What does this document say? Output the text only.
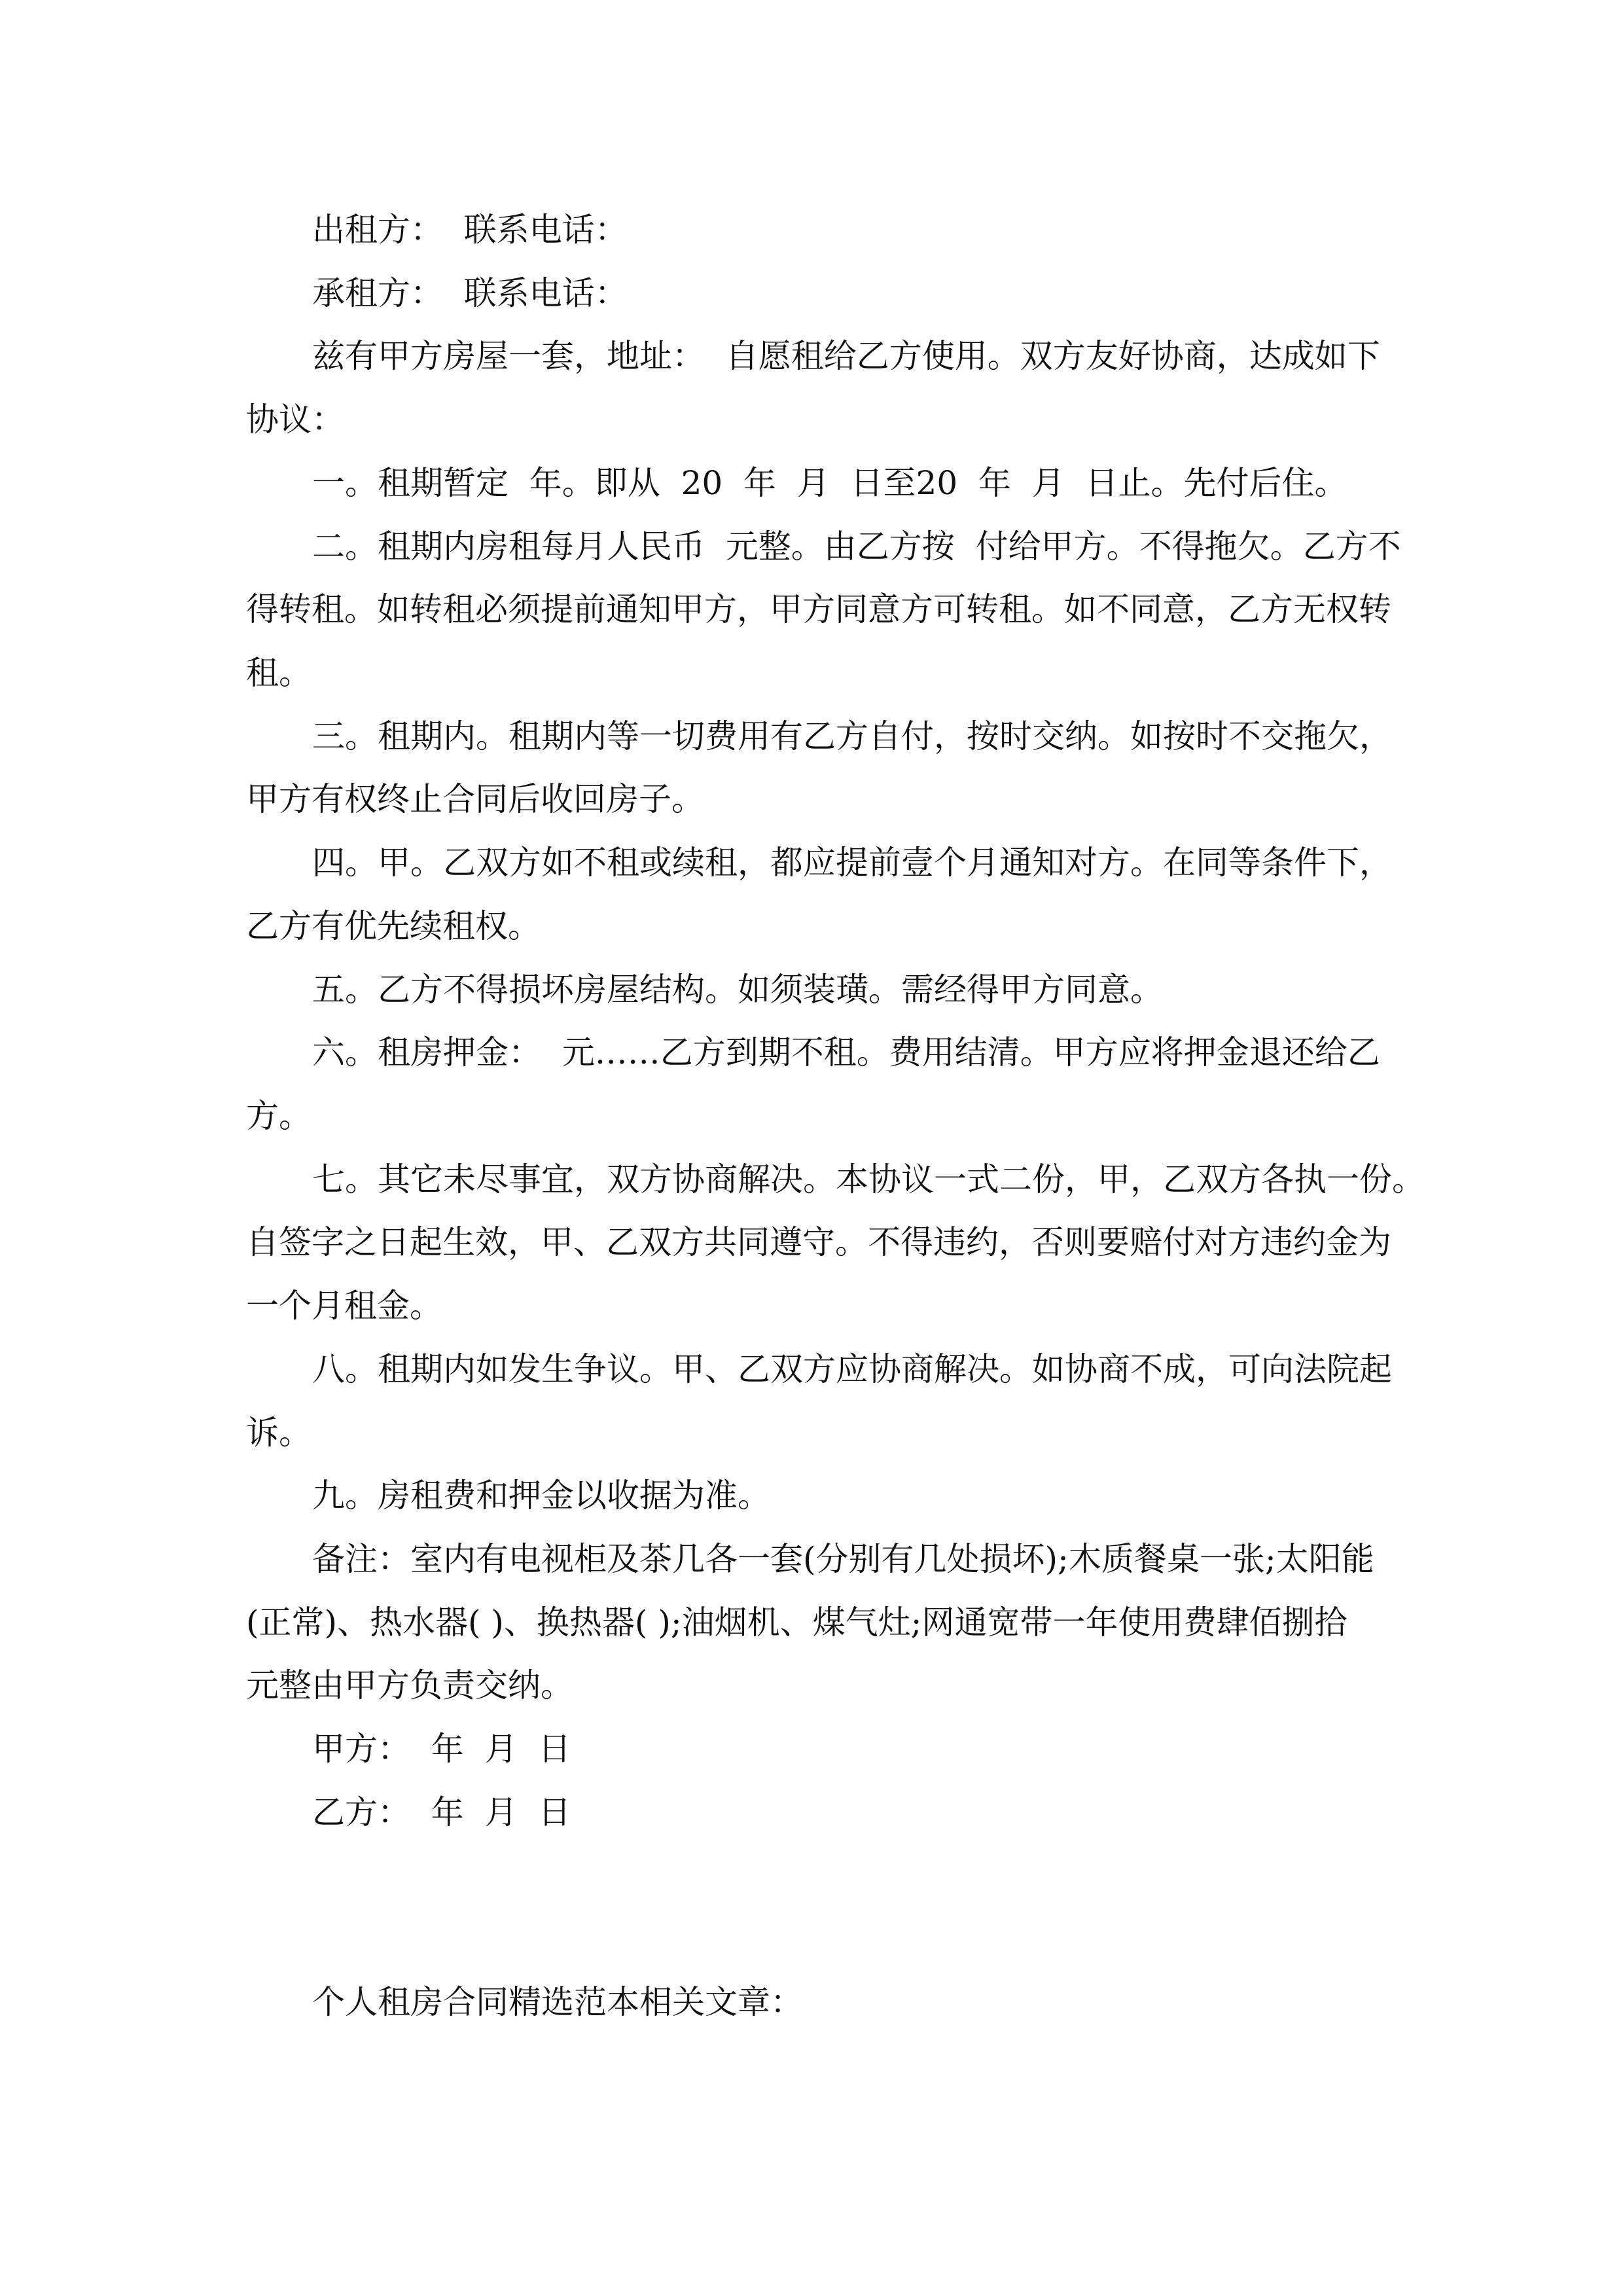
出租方：  联系电话：
承租方：  联系电话：
兹有甲方房屋一套，地址：  自愿租给乙方使用。双方友好协商，达成如下
协议：
一。租期暂定  年。即从  20  年  月  日至20  年  月  日止。先付后住。
二。租期内房租每月人民币  元整。由乙方按  付给甲方。不得拖欠。乙方不
得转租。如转租必须提前通知甲方，甲方同意方可转租。如不同意，乙方无权转
租。
三。租期内。租期内等一切费用有乙方自付，按时交纳。如按时不交拖欠，
甲方有权终止合同后收回房子。
四。甲。乙双方如不租或续租，都应提前壹个月通知对方。在同等条件下，
乙方有优先续租权。
五。乙方不得损坏房屋结构。如须装璜。需经得甲方同意。
六。租房押金：  元……乙方到期不租。费用结清。甲方应将押金退还给乙
方。
七。其它未尽事宜，双方协商解决。本协议一式二份，甲，乙双方各执一份。
自签字之日起生效，甲、乙双方共同遵守。不得违约，否则要赔付对方违约金为
一个月租金。
八。租期内如发生争议。甲、乙双方应协商解决。如协商不成，可向法院起
诉。
九。房租费和押金以收据为准。
备注：室内有电视柜及茶几各一套(分别有几处损坏);木质餐桌一张;太阳能
(正常)、热水器( )、换热器( );油烟机、煤气灶;网通宽带一年使用费肆佰捌拾
元整由甲方负责交纳。
甲方：  年  月  日
乙方：  年  月  日
个人租房合同精选范本相关文章：
